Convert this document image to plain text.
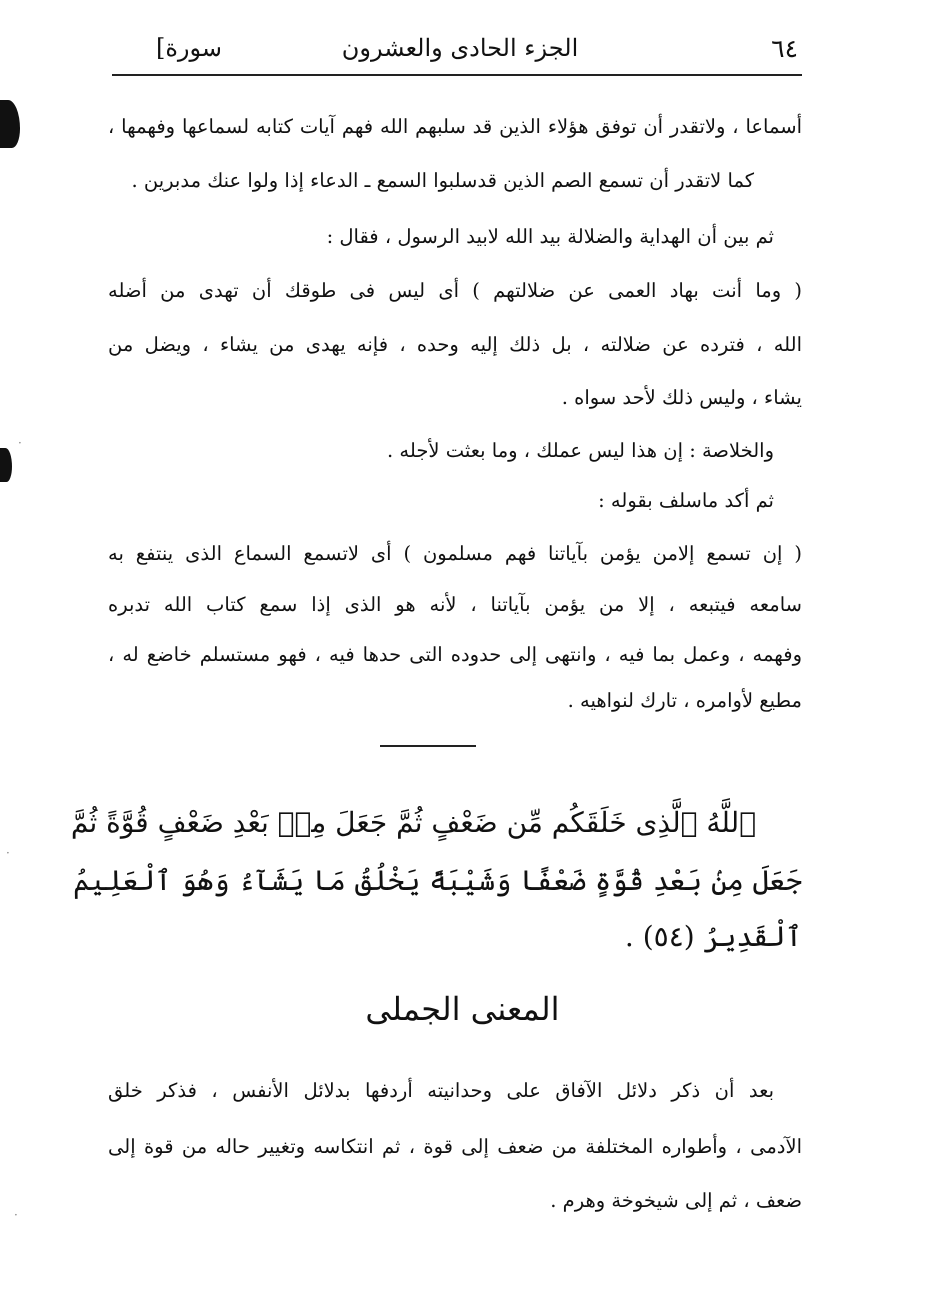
٦٤
الجزء الحادى والعشرون
سورة]
أسماعا ، ولاتقدر أن توفق هؤلاء الذين قد سلبهم الله فهم آيات كتابه لسماعها وفهمها ،
كما لاتقدر أن تسمع الصم الذين قدسلبوا السمع ـ الدعاء إذا ولوا عنك مدبرين .
ثم بين أن الهداية والضلالة بيد الله لابيد الرسول ، فقال :
( وما أنت بهاد العمى عن ضلالتهم ) أى ليس فى طوقك أن تهدى من أضله
الله ، فترده عن ضلالته ، بل ذلك إليه وحده ، فإنه يهدى من يشاء ، ويضل من
يشاء ، وليس ذلك لأحد سواه .
والخلاصة : إن هذا ليس عملك ، وما بعثت لأجله .
ثم أكد ماسلف بقوله :
( إن تسمع إلامن يؤمن بآياتنا فهم مسلمون ) أى لاتسمع السماع الذى ينتفع به
سامعه فيتبعه ، إلا من يؤمن بآياتنا ، لأنه هو الذى إذا سمع كتاب الله تدبره
وفهمه ، وعمل بما فيه ، وانتهى إلى حدوده التى حدها فيه ، فهو مستسلم خاضع له ،
مطيع لأوامره ، تارك لنواهيه .
ٱللَّهُ ٱلَّذِى خَلَقَكُم مِّن ضَعْفٍ ثُمَّ جَعَلَ مِنۢ بَعْدِ ضَعْفٍ قُوَّةً ثُمَّ
جَعَلَ مِنۢ بَعْدِ قُوَّةٍ ضَعْفًا وَشَيْبَةً يَخْلُقُ مَا يَشَآءُ وَهُوَ ٱلْعَلِيمُ
ٱلْقَدِيرُ (٥٤) .
المعنى الجملى
بعد أن ذكر دلائل الآفاق على وحدانيته أردفها بدلائل الأنفس ، فذكر خلق
الآدمى ، وأطواره المختلفة من ضعف إلى قوة ، ثم انتكاسه وتغيير حاله من قوة إلى
ضعف ، ثم إلى شيخوخة وهرم .
·
·
·
